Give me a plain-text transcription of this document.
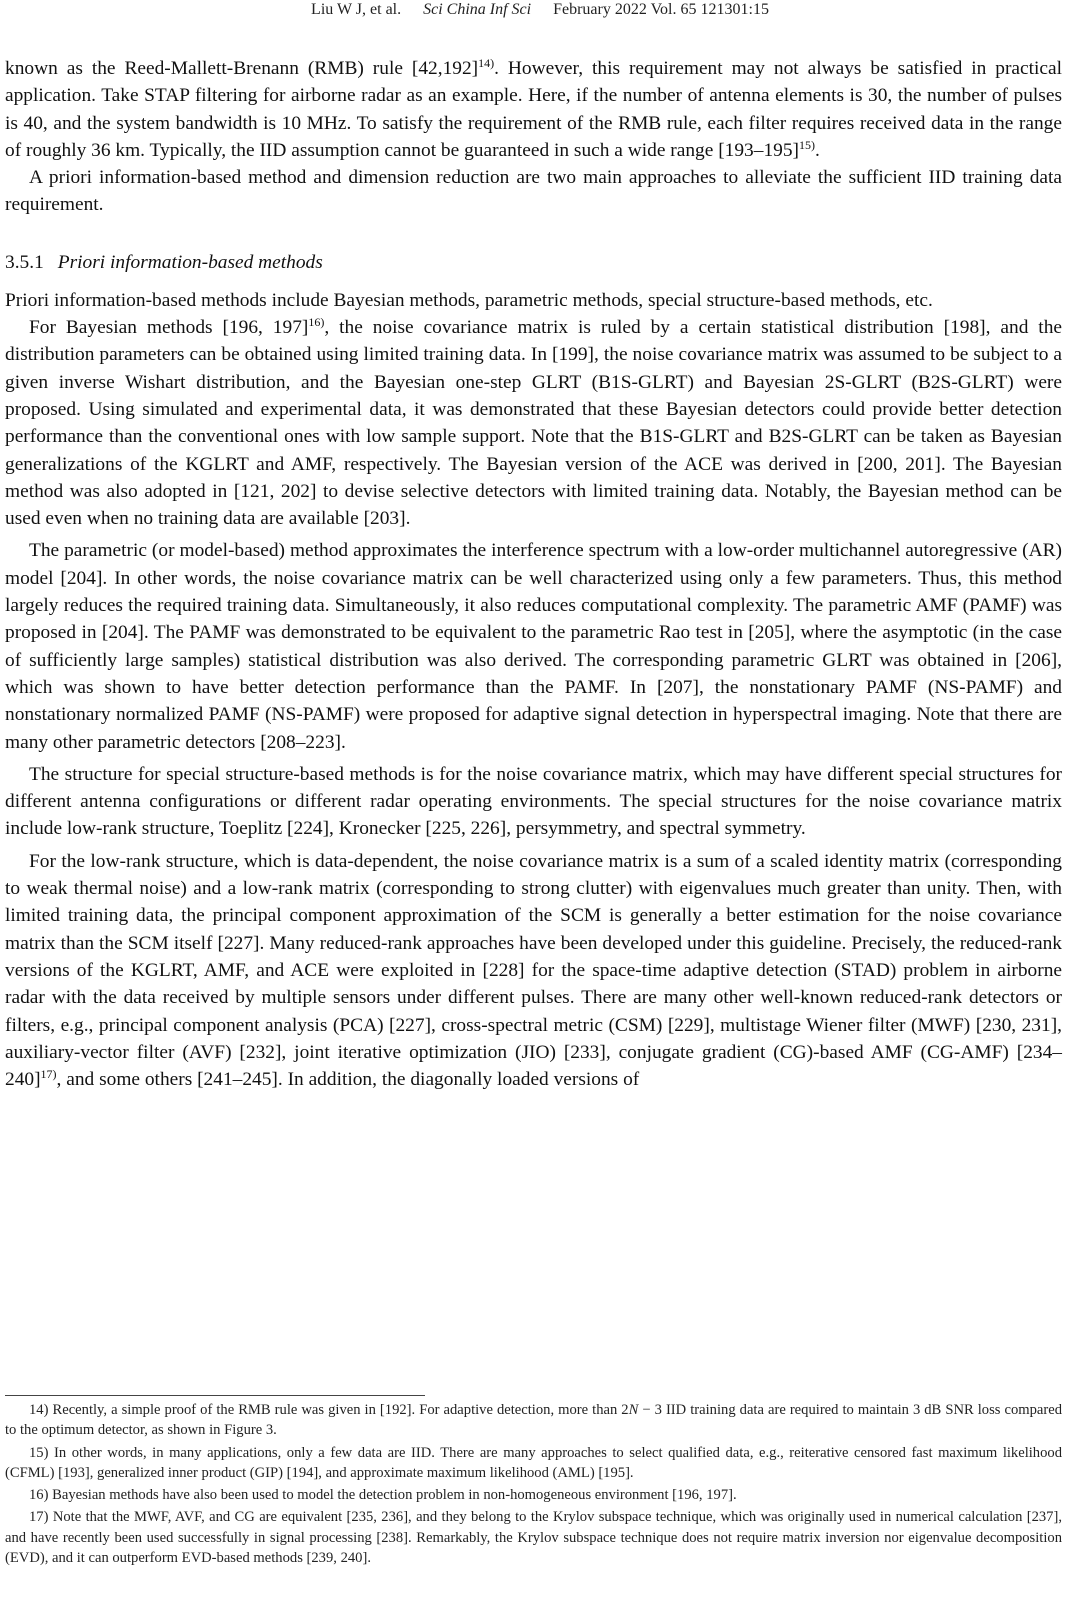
Liu W J, et al. Sci China Inf Sci February 2022 Vol. 65 121301:15

known as the Reed-Mallett-Brenann (RMB) rule $[42,192]^{14)}$. However, this requirement may not always be satisfied in practical application. Take STAP filtering for airborne radar as an example. Here, if the number of antenna elements is 30, the number of pulses is 40, and the system bandwidth is 10 MHz. To satisfy the requirement of the RMB rule, each filter requires received data in the range of roughly 36 km. Typically, the IID assumption cannot be guaranteed in such a wide range $[193-195]^{15)}$.

A priori information-based method and dimension reduction are two main approaches to alleviate the sufficient IID training data requirement.

3.5.1 Priori information-based methods

Priori information-based methods include Bayesian methods, parametric methods, special structure-based methods, etc.

For Bayesian methods [196, 197]$^{16)}$, the noise covariance matrix is ruled by a certain statistical distribution [198], and the distribution parameters can be obtained using limited training data. In [199], the noise covariance matrix was assumed to be subject to a given inverse Wishart distribution, and the Bayesian one-step GLRT (B1S-GLRT) and Bayesian 2S-GLRT (B2S-GLRT) were proposed. Using simulated and experimental data, it was demonstrated that these Bayesian detectors could provide better detection performance than the conventional ones with low sample support. Note that the B1S-GLRT and B2S-GLRT can be taken as Bayesian generalizations of the KGLRT and AMF, respectively. The Bayesian version of the ACE was derived in [200, 201]. The Bayesian method was also adopted in [121, 202] to devise selective detectors with limited training data. Notably, the Bayesian method can be used even when no training data are available [203].

The parametric (or model-based) method approximates the interference spectrum with a low-order multichannel autoregressive (AR) model [204]. In other words, the noise covariance matrix can be well characterized using only a few parameters. Thus, this method largely reduces the required training data. Simultaneously, it also reduces computational complexity. The parametric AMF (PAMF) was proposed in [204]. The PAMF was demonstrated to be equivalent to the parametric Rao test in [205], where the asymptotic (in the case of sufficiently large samples) statistical distribution was also derived. The corresponding parametric GLRT was obtained in [206], which was shown to have better detection performance than the PAMF. In [207], the nonstationary PAMF (NS-PAMF) and nonstationary normalized PAMF (NS-PAMF) were proposed for adaptive signal detection in hyperspectral imaging. Note that there are many other parametric detectors [208–223].

The structure for special structure-based methods is for the noise covariance matrix, which may have different special structures for different antenna configurations or different radar operating environments. The special structures for the noise covariance matrix include low-rank structure, Toeplitz [224], Kronecker [225, 226], persymmetry, and spectral symmetry.

For the low-rank structure, which is data-dependent, the noise covariance matrix is a sum of a scaled identity matrix (corresponding to weak thermal noise) and a low-rank matrix (corresponding to strong clutter) with eigenvalues much greater than unity. Then, with limited training data, the principal component approximation of the SCM is generally a better estimation for the noise covariance matrix than the SCM itself [227]. Many reduced-rank approaches have been developed under this guideline. Precisely, the reduced-rank versions of the KGLRT, AMF, and ACE were exploited in [228] for the space-time adaptive detection (STAD) problem in airborne radar with the data received by multiple sensors under different pulses. There are many other well-known reduced-rank detectors or filters, e.g., principal component analysis (PCA) [227], cross-spectral metric (CSM) [229], multistage Wiener filter (MWF) [230, 231], auxiliary-vector filter (AVF) [232], joint iterative optimization (JIO) [233], conjugate gradient (CG)-based AMF (CG-AMF) $[234-240]^{17)}$, and some others [241–245]. In addition, the diagonally loaded versions of

14) Recently, a simple proof of the RMB rule was given in [192]. For adaptive detection, more than 2N − 3 IID training data are required to maintain 3 dB SNR loss compared to the optimum detector, as shown in Figure 3.

15) In other words, in many applications, only a few data are IID. There are many approaches to select qualified data, e.g., reiterative censored fast maximum likelihood (CFML) [193], generalized inner product (GIP) [194], and approximate maximum likelihood (AML) [195].

16) Bayesian methods have also been used to model the detection problem in non-homogeneous environment [196, 197].

17) Note that the MWF, AVF, and CG are equivalent [235, 236], and they belong to the Krylov subspace technique, which was originally used in numerical calculation [237], and have recently been used successfully in signal processing [238]. Remarkably, the Krylov subspace technique does not require matrix inversion nor eigenvalue decomposition (EVD), and it can outperform EVD-based methods [239, 240].
